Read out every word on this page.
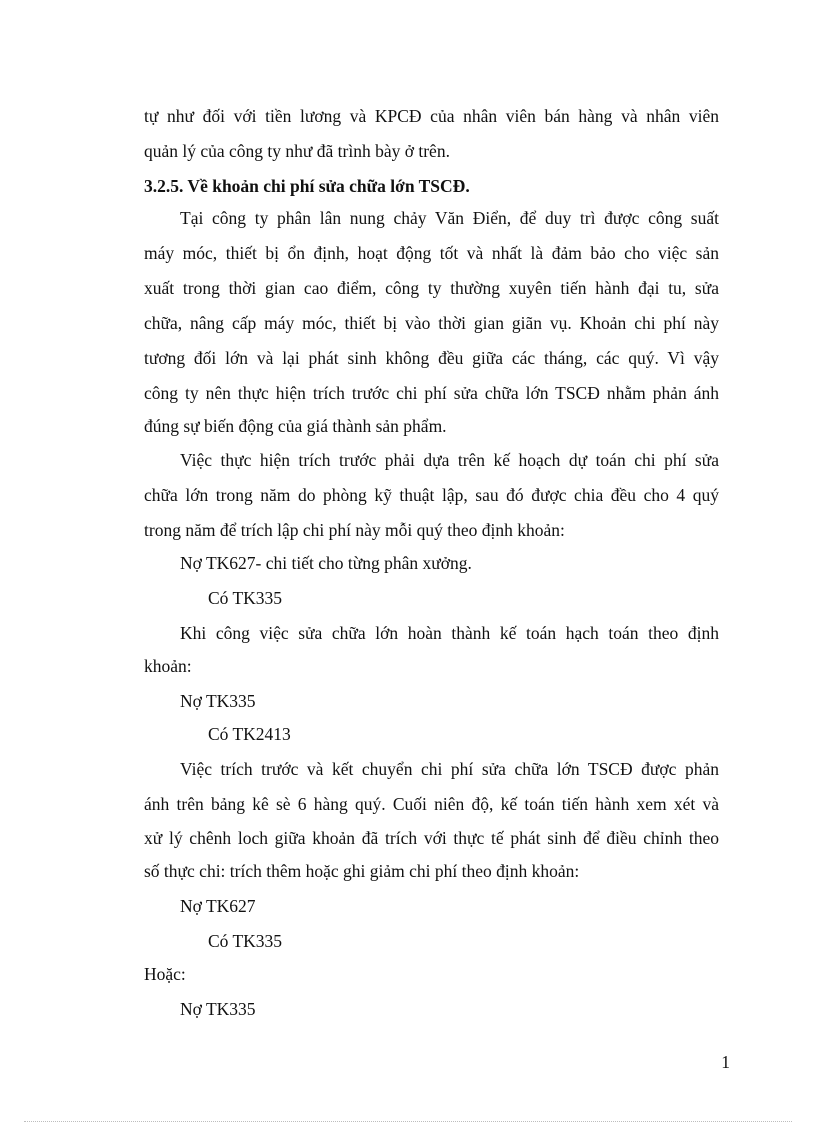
tự như đối với tiền lương và KPCĐ của nhân viên bán hàng và nhân viên
quản lý của công ty như đã trình bày ở trên.
3.2.5. Về khoản chi phí sửa chữa lớn TSCĐ.
Tại công ty phân lân nung chảy Văn Điển, để duy trì được công suất
máy móc, thiết bị ổn định, hoạt động tốt và nhất là đảm bảo cho việc sản
xuất trong thời gian cao điểm, công ty thường xuyên tiến hành đại tu, sửa
chữa, nâng cấp máy móc, thiết bị vào thời gian giãn vụ. Khoản chi phí này
tương đối lớn và lại phát sinh không đều giữa các tháng, các quý. Vì vậy
công ty nên thực hiện trích trước chi phí sửa chữa lớn TSCĐ nhằm phản ánh
đúng sự biến động của giá thành sản phẩm.
Việc thực hiện trích trước phải dựa trên kế hoạch dự toán chi phí sửa
chữa lớn trong năm do phòng kỹ thuật lập, sau đó được chia đều cho 4 quý
trong năm để trích lập chi phí này mỗi quý theo định khoản:
Nợ TK627- chi tiết cho từng phân xưởng.
Có TK335
Khi công việc sửa chữa lớn hoàn thành kế toán hạch toán theo định
khoản:
Nợ TK335
Có TK2413
Việc trích trước và kết chuyển chi phí sửa chữa lớn TSCĐ được phản
ánh trên bảng kê sè 6 hàng quý. Cuối niên độ, kế toán tiến hành xem xét và
xử lý chênh loch giữa khoản đã trích với thực tế phát sinh để điều chỉnh theo
số thực chi: trích thêm hoặc ghi giảm chi phí theo định khoản:
Nợ TK627
Có TK335
Hoặc:
Nợ TK335
1
